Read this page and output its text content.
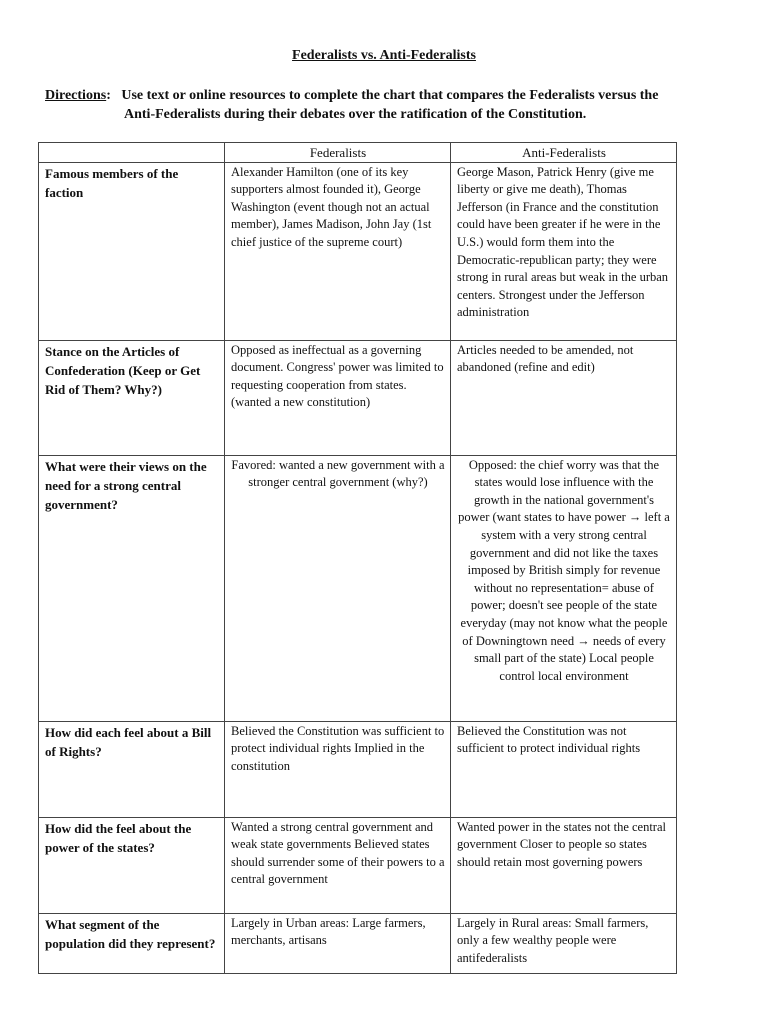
Federalists vs. Anti-Federalists
Directions:   Use text or online resources to complete the chart that compares the Federalists versus the
Anti-Federalists during their debates over the ratification of the Constitution.
	Federalists	Anti-Federalists
Famous members of the faction	Alexander Hamilton (one of its key supporters almost founded it), George Washington (event though not an actual member), James Madison, John Jay (1st chief justice of the supreme court)	George Mason, Patrick Henry (give me liberty or give me death), Thomas Jefferson (in France and the constitution could have been greater if he were in the U.S.) would form them into the Democratic-republican party; they were strong in rural areas but weak in the urban centers. Strongest under the Jefferson administration
Stance on the Articles of Confederation (Keep or Get Rid of Them? Why?)	Opposed as ineffectual as a governing document. Congress' power was limited to requesting cooperation from states. (wanted a new constitution)	Articles needed to be amended, not abandoned (refine and edit)
What were their views on the need for a strong central government?	Favored: wanted a new government with a stronger central government (why?)	Opposed: the chief worry was that the states would lose influence with the growth in the national government's power (want states to have power → left a system with a very strong central government and did not like the taxes imposed by British simply for revenue without no representation= abuse of power; doesn't see people of the state everyday (may not know what the people of Downingtown need → needs of every small part of the state) Local people control local environment
How did each feel about a Bill of Rights?	Believed the Constitution was sufficient to protect individual rights Implied in the constitution	Believed the Constitution was not sufficient to protect individual rights
How did the feel about the power of the states?	Wanted a strong central government and weak state governments Believed states should surrender some of their powers to a central government	Wanted power in the states not the central government Closer to people so states should retain most governing powers
What segment of the population did they represent?	Largely in Urban areas: Large farmers, merchants, artisans	Largely in Rural areas: Small farmers, only a few wealthy people were antifederalists
